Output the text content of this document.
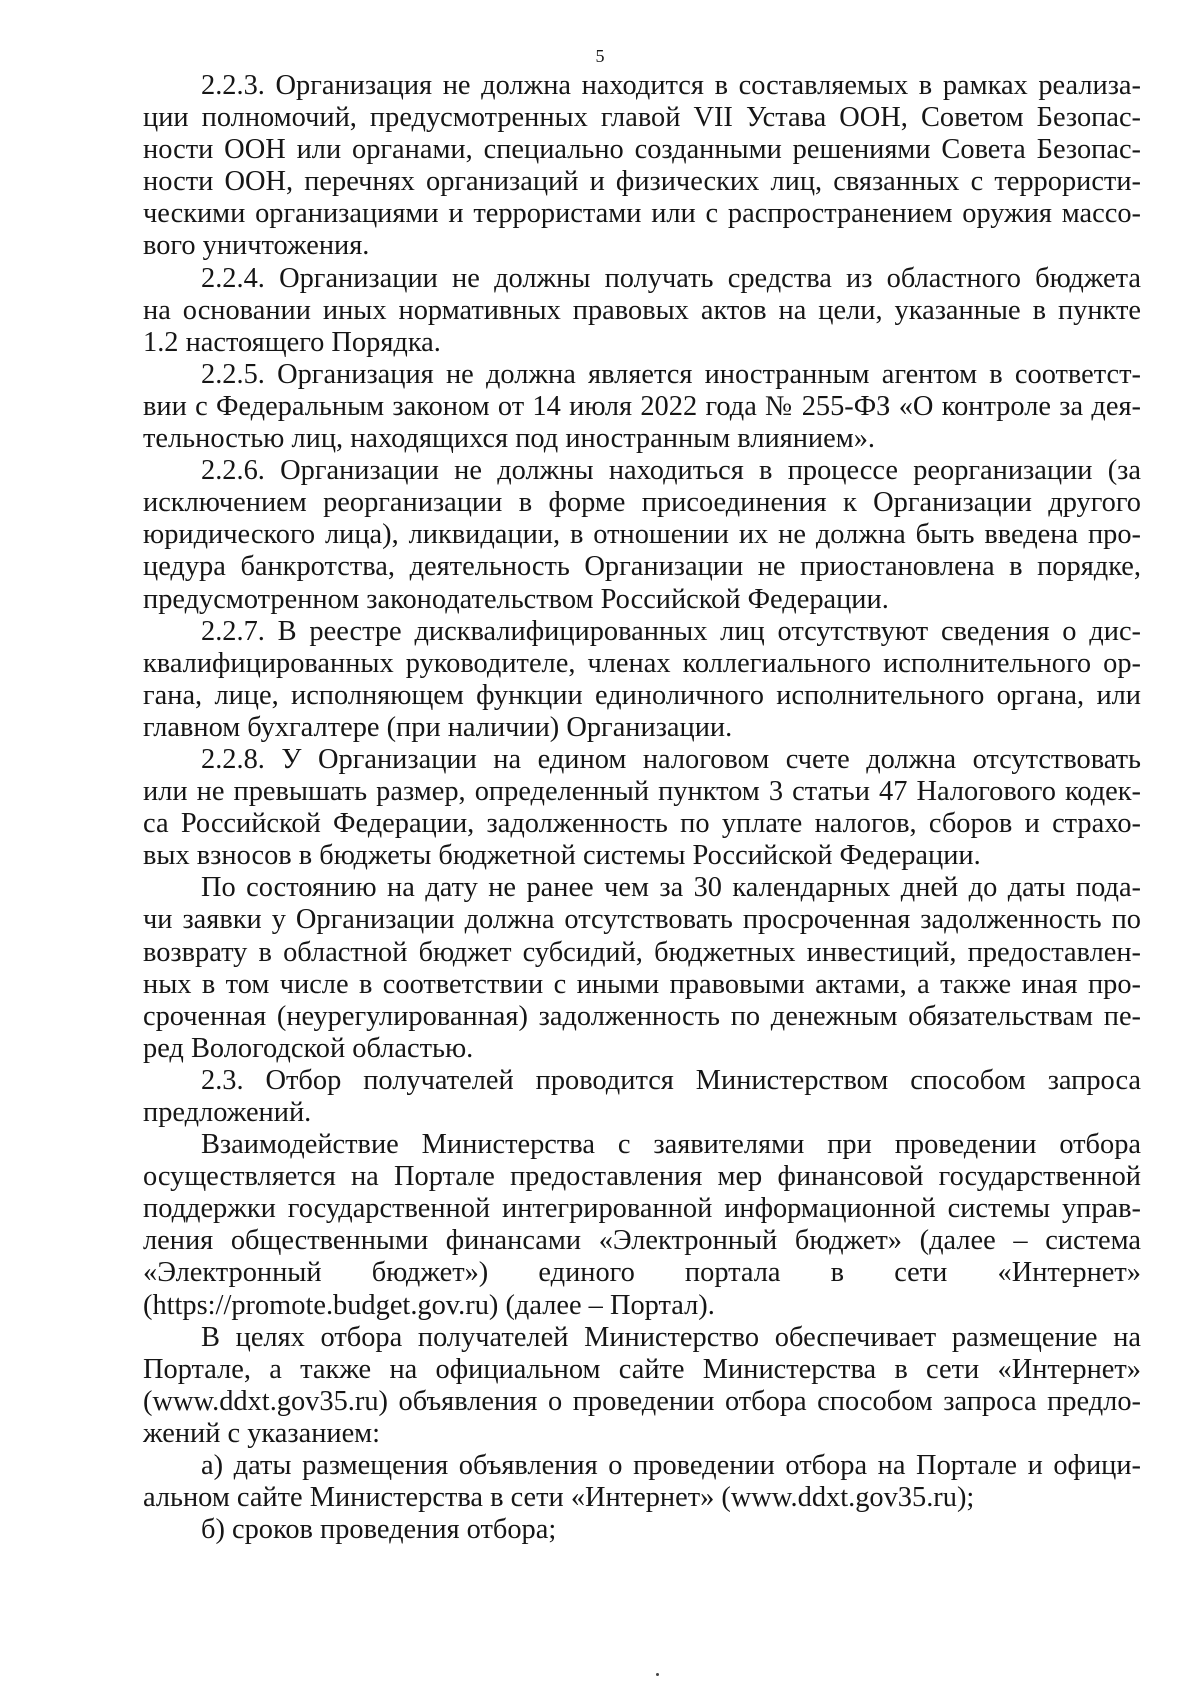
5

2.2.3. Организация не должна находится в составляемых в рамках реализа-
ции полномочий, предусмотренных главой VII Устава ООН, Советом Безопас-
ности ООН или органами, специально созданными решениями Совета Безопас-
ности ООН, перечнях организаций и физических лиц, связанных с террористи-
ческими организациями и террористами или с распространением оружия массо-
вого уничтожения.

2.2.4. Организации не должны получать средства из областного бюджета
на основании иных нормативных правовых актов на цели, указанные в пункте
1.2 настоящего Порядка.

2.2.5. Организация не должна является иностранным агентом в соответст-
вии с Федеральным законом от 14 июля 2022 года № 255-ФЗ «О контроле за дея-
тельностью лиц, находящихся под иностранным влиянием».

2.2.6. Организации не должны находиться в процессе реорганизации (за
исключением реорганизации в форме присоединения к Организации другого
юридического лица), ликвидации, в отношении их не должна быть введена про-
цедура банкротства, деятельность Организации не приостановлена в порядке,
предусмотренном законодательством Российской Федерации.

2.2.7. В реестре дисквалифицированных лиц отсутствуют сведения о дис-
квалифицированных руководителе, членах коллегиального исполнительного ор-
гана, лице, исполняющем функции единоличного исполнительного органа, или
главном бухгалтере (при наличии) Организации.

2.2.8. У Организации на едином налоговом счете должна отсутствовать
или не превышать размер, определенный пунктом 3 статьи 47 Налогового кодек-
са Российской Федерации, задолженность по уплате налогов, сборов и страхо-
вых взносов в бюджеты бюджетной системы Российской Федерации.

По состоянию на дату не ранее чем за 30 календарных дней до даты пода-
чи заявки у Организации должна отсутствовать просроченная задолженность по
возврату в областной бюджет субсидий, бюджетных инвестиций, предоставлен-
ных в том числе в соответствии с иными правовыми актами, а также иная про-
сроченная (неурегулированная) задолженность по денежным обязательствам пе-
ред Вологодской областью.

2.3. Отбор получателей проводится Министерством способом запроса
предложений.

Взаимодействие Министерства с заявителями при проведении отбора
осуществляется на Портале предоставления мер финансовой государственной
поддержки государственной интегрированной информационной системы управ-
ления общественными финансами «Электронный бюджет» (далее – система
«Электронный бюджет») единого портала в сети «Интернет»
(https://promote.budget.gov.ru) (далее – Портал).

В целях отбора получателей Министерство обеспечивает размещение на
Портале, а также на официальном сайте Министерства в сети «Интернет»
(www.ddxt.gov35.ru) объявления о проведении отбора способом запроса предло-
жений с указанием:

а) даты размещения объявления о проведении отбора на Портале и офици-
альном сайте Министерства в сети «Интернет» (www.ddxt.gov35.ru);

б) сроков проведения отбора;
